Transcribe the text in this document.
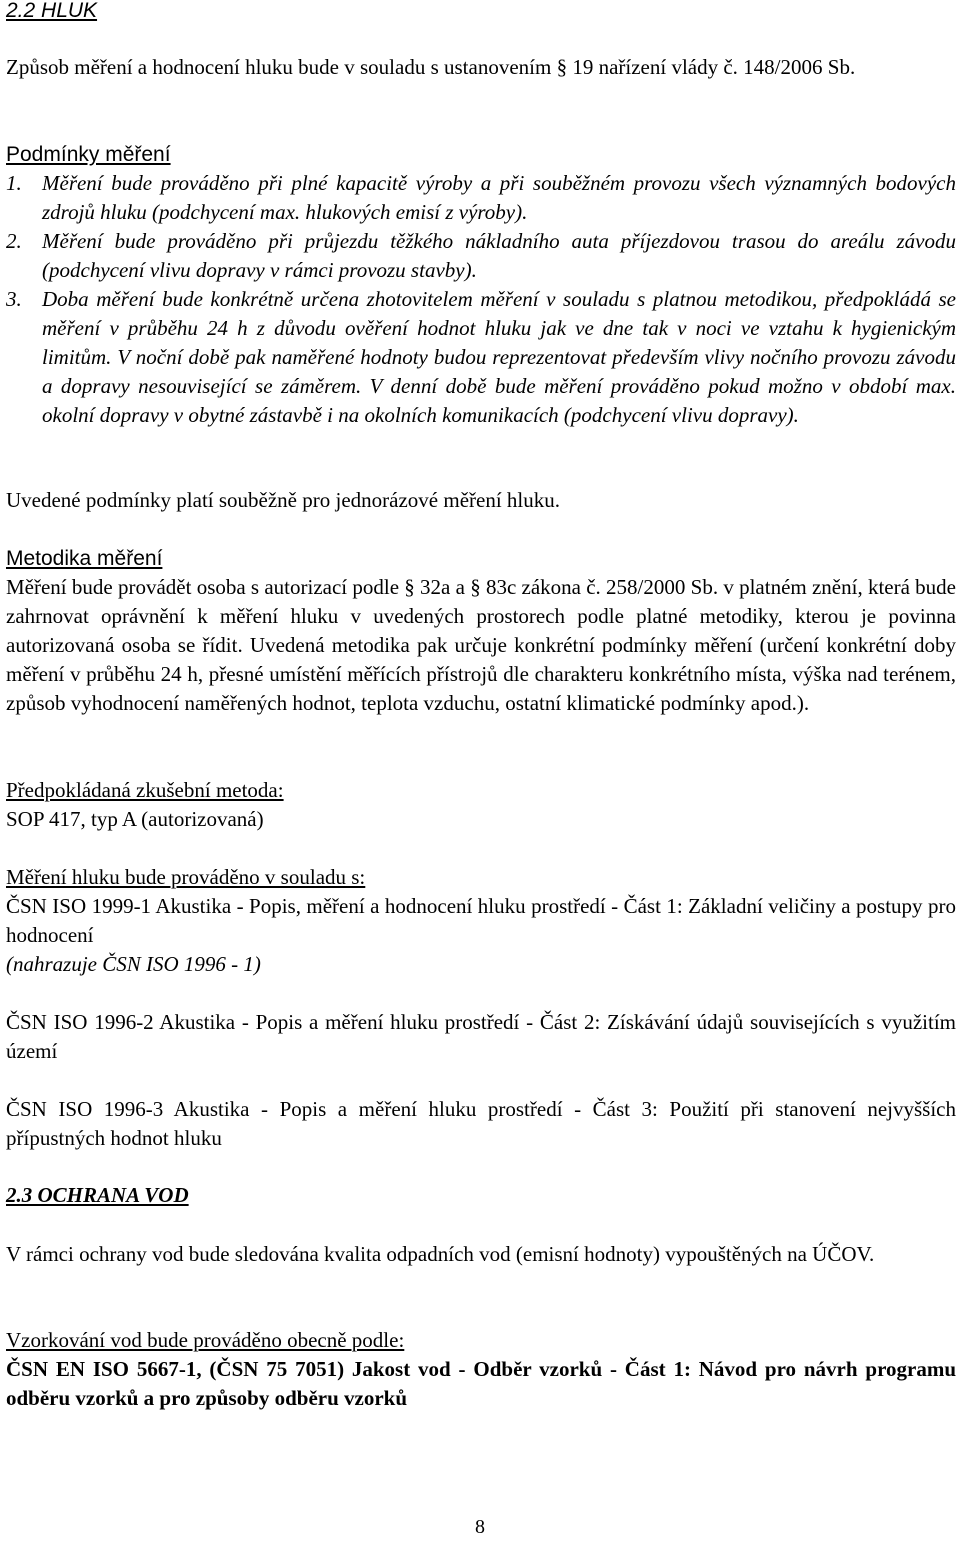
2.2 HLUK

Způsob měření a hodnocení hluku bude v souladu s ustanovením § 19 nařízení vlády č. 148/2006 Sb.

Podmínky měření
1. Měření bude prováděno při plné kapacitě výroby a při souběžném provozu všech významných bodových zdrojů hluku (podchycení max. hlukových emisí z výroby).
2. Měření bude prováděno při průjezdu těžkého nákladního auta příjezdovou trasou do areálu závodu (podchycení vlivu dopravy v rámci provozu stavby).
3. Doba měření bude konkrétně určena zhotovitelem měření v souladu s platnou metodikou, předpokládá se měření v průběhu 24 h z důvodu ověření hodnot hluku jak ve dne tak v noci ve vztahu k hygienickým limitům. V noční době pak naměřené hodnoty budou reprezentovat především vlivy nočního provozu závodu a dopravy nesouvisející se záměrem. V denní době bude měření prováděno pokud možno v období max. okolní dopravy v obytné zástavbě i na okolních komunikacích (podchycení vlivu dopravy).

Uvedené podmínky platí souběžně pro jednorázové měření hluku.

Metodika měření

Měření bude provádět osoba s autorizací podle § 32a a § 83c zákona č. 258/2000 Sb. v platném znění, která bude zahrnovat oprávnění k měření hluku v uvedených prostorech podle platné metodiky, kterou je povinna autorizovaná osoba se řídit. Uvedená metodika pak určuje konkrétní podmínky měření (určení konkrétní doby měření v průběhu 24 h, přesné umístění měřících přístrojů dle charakteru konkrétního místa, výška nad terénem, způsob vyhodnocení naměřených hodnot, teplota vzduchu, ostatní klimatické podmínky apod.).

Předpokládaná zkušební metoda:
SOP 417, typ A (autorizovaná)
Měření hluku bude prováděno v souladu s:

ČSN ISO 1999-1 Akustika - Popis, měření a hodnocení hluku prostředí - Část 1: Základní veličiny a postupy pro hodnocení

(nahrazuje ČSN ISO 1996 - 1)

ČSN ISO 1996-2 Akustika - Popis a měření hluku prostředí - Část 2: Získávání údajů souvisejících s využitím území

ČSN ISO 1996-3 Akustika - Popis a měření hluku prostředí - Část 3: Použití při stanovení nejvyšších přípustných hodnot hluku

2.3 OCHRANA VOD

V rámci ochrany vod bude sledována kvalita odpadních vod (emisní hodnoty) vypouštěných na ÚČOV.

Vzorkování vod bude prováděno obecně podle:

ČSN EN ISO 5667-1, (ČSN 75 7051) Jakost vod - Odběr vzorků - Část 1: Návod pro návrh programu odběru vzorků a pro způsoby odběru vzorků

8
